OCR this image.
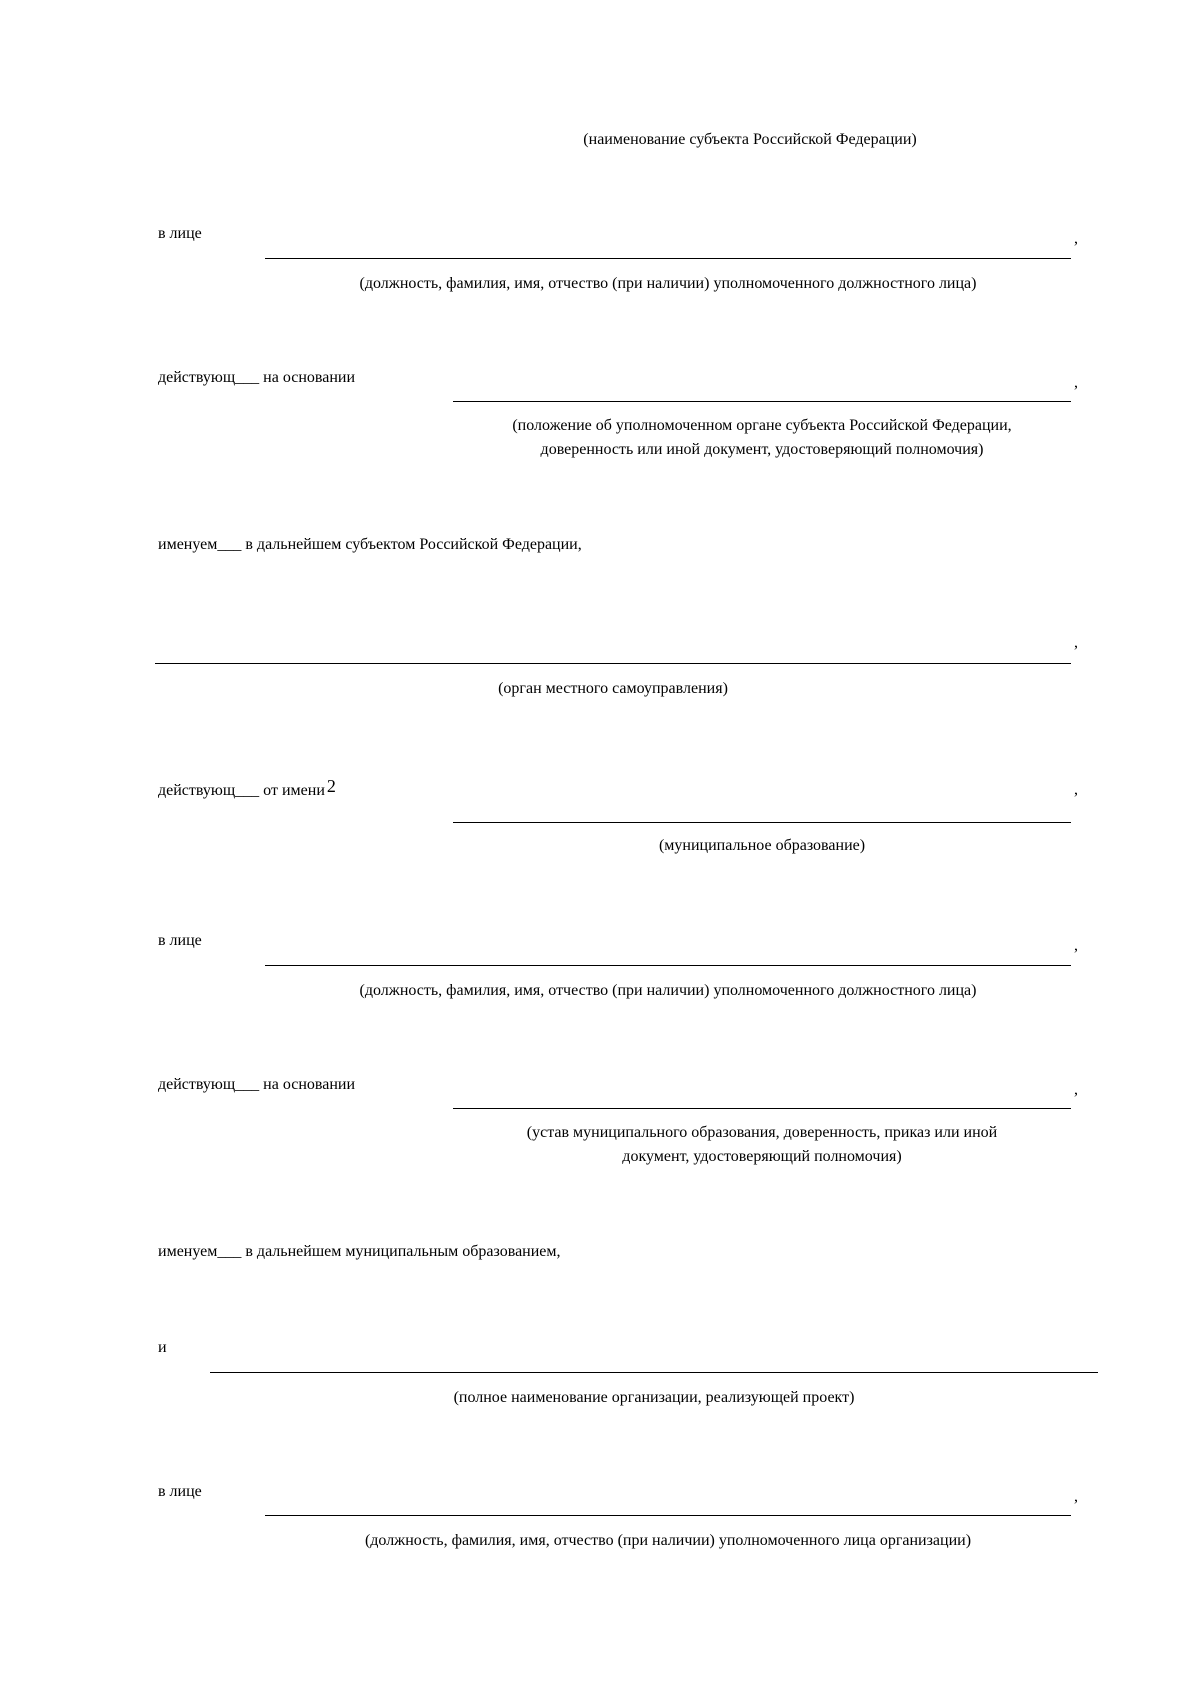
(наименование субъекта Российской Федерации)
в лице	,
(должность, фамилия, имя, отчество (при наличии) уполномоченного должностного лица)
действующ___ на основании	,
(положение об уполномоченном органе субъекта Российской Федерации,
доверенность или иной документ, удостоверяющий полномочия)
именуем___ в дальнейшем субъектом Российской Федерации,
,
(орган местного самоуправления)
действующ___ от имени 2	,
(муниципальное образование)
в лице	,
(должность, фамилия, имя, отчество (при наличии) уполномоченного должностного лица)
действующ___ на основании	,
(устав муниципального образования, доверенность, приказ или иной
документ, удостоверяющий полномочия)
именуем___ в дальнейшем муниципальным образованием,
и
(полное наименование организации, реализующей проект)
в лице	,
(должность, фамилия, имя, отчество (при наличии) уполномоченного лица организации)
